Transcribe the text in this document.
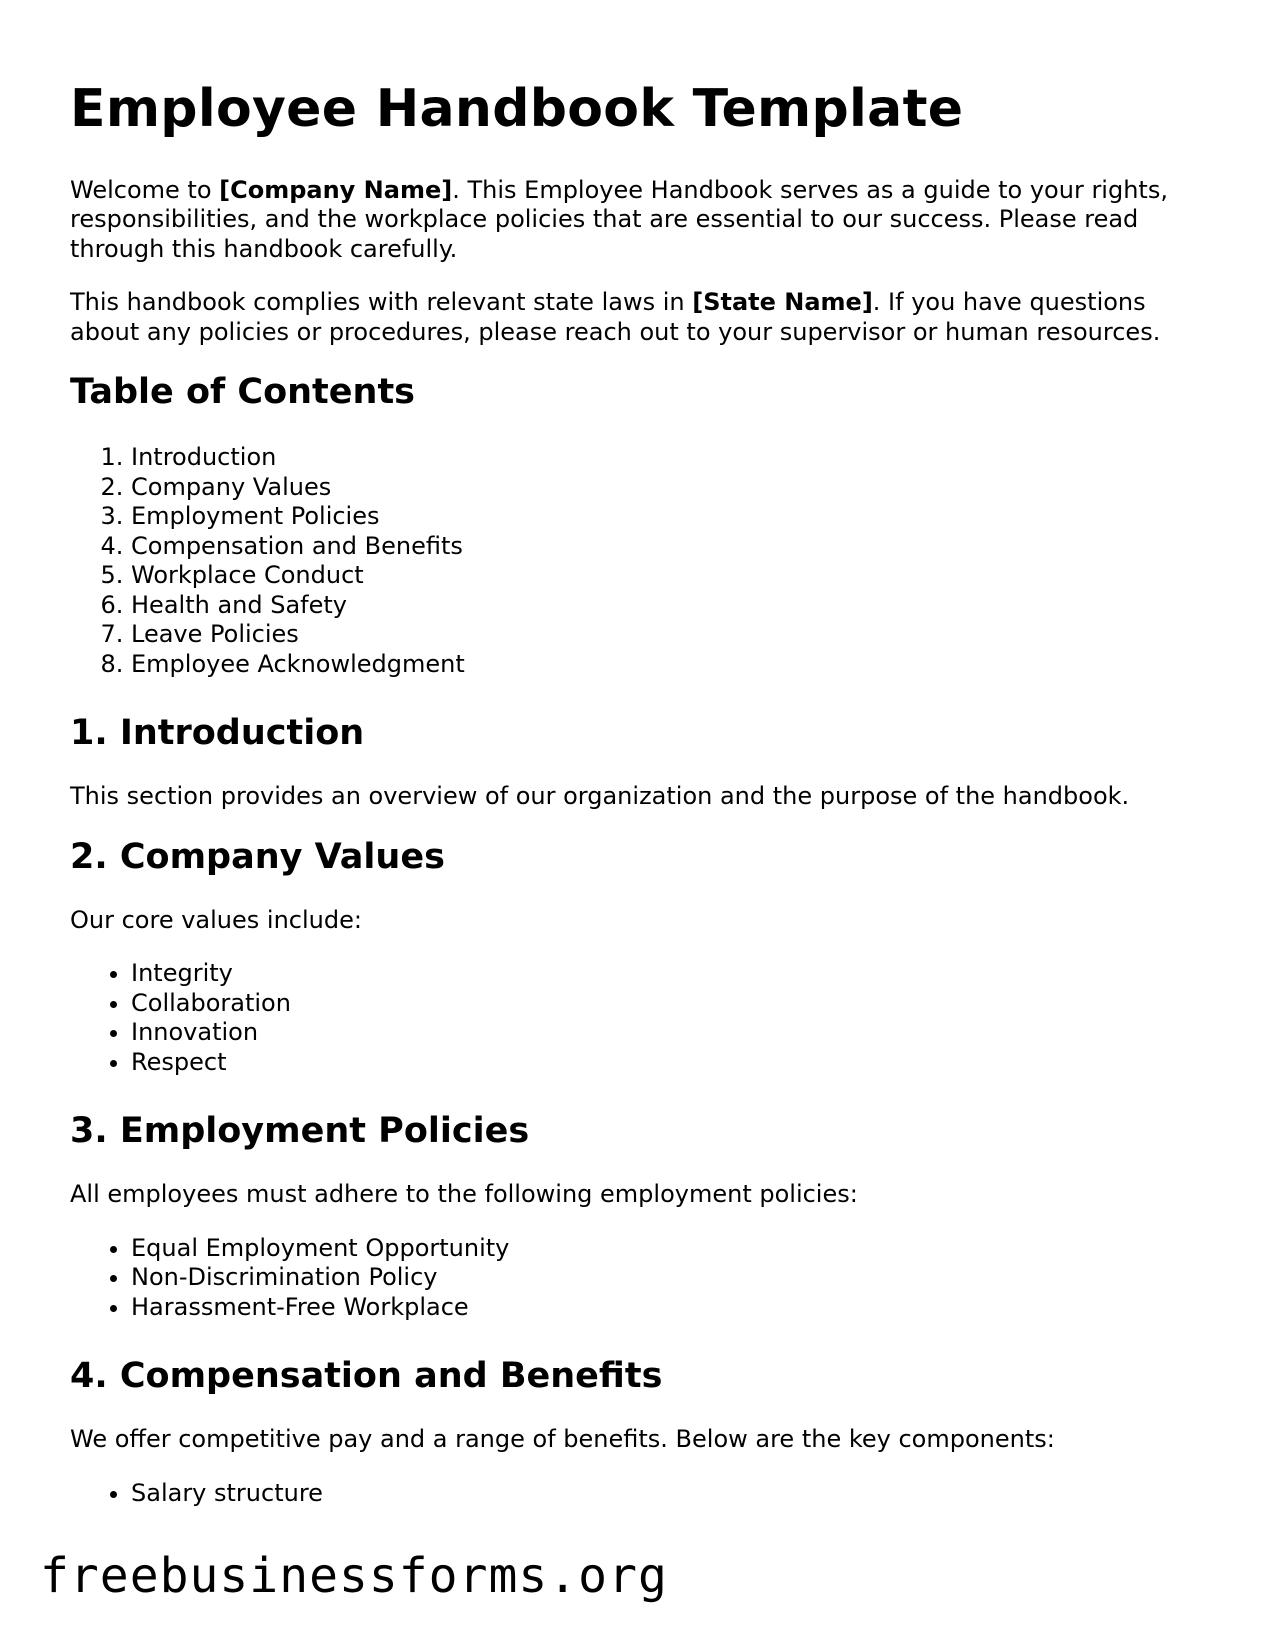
Employee Handbook Template

Welcome to [Company Name]. This Employee Handbook serves as a guide to your rights, responsibilities, and the workplace policies that are essential to our success. Please read through this handbook carefully.

This handbook complies with relevant state laws in [State Name]. If you have questions about any policies or procedures, please reach out to your supervisor or human resources.

Table of Contents
1. Introduction
2. Company Values
3. Employment Policies
4. Compensation and Benefits
5. Workplace Conduct
6. Health and Safety
7. Leave Policies
8. Employee Acknowledgment
1. Introduction

This section provides an overview of our organization and the purpose of the handbook.

2. Company Values

Our core values include:

• Integrity
• Collaboration
• Innovation
• Respect
3. Employment Policies

All employees must adhere to the following employment policies:

• Equal Employment Opportunity
• Non-Discrimination Policy
• Harassment-Free Workplace
4. Compensation and Benefits

We offer competitive pay and a range of benefits. Below are the key components:

• Salary structure
freebusinessforms.org
